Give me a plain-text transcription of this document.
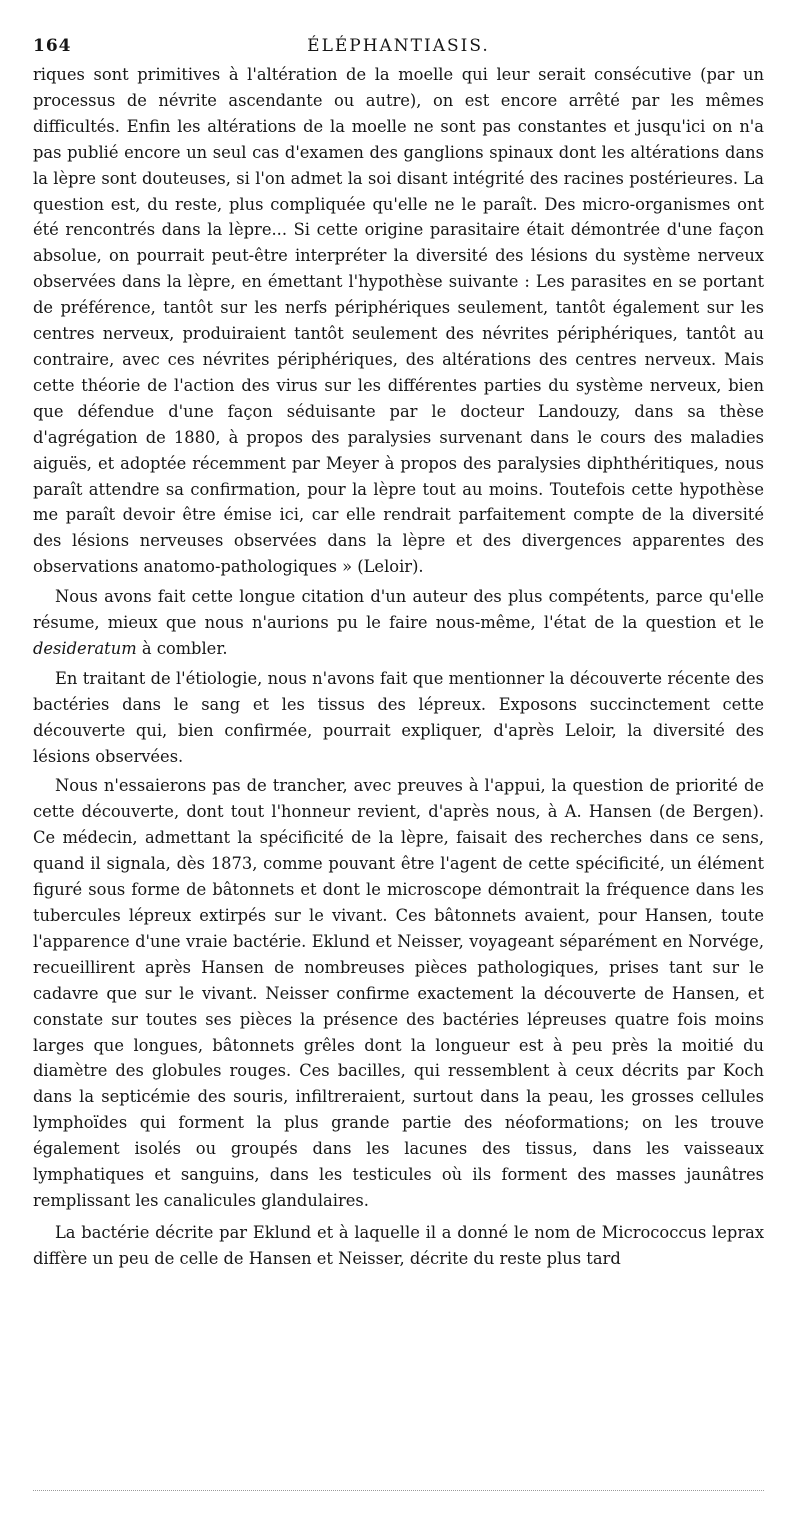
164	ÉLÉPHANTIASIS.

riques sont primitives à l'altération de la moelle qui leur serait consécutive (par un processus de névrite ascendante ou autre), on est encore arrêté par les mêmes difficultés. Enfin les altérations de la moelle ne sont pas constantes et jusqu'ici on n'a pas publié encore un seul cas d'examen des ganglions spinaux dont les altérations dans la lèpre sont douteuses, si l'on admet la soi disant intégrité des racines postérieures. La question est, du reste, plus compliquée qu'elle ne le paraît. Des micro-organismes ont été rencontrés dans la lèpre... Si cette origine parasitaire était démontrée d'une façon absolue, on pourrait peut-être interpréter la diversité des lésions du système nerveux observées dans la lèpre, en émettant l'hypothèse suivante : Les parasites en se portant de préférence, tantôt sur les nerfs périphériques seulement, tantôt également sur les centres nerveux, produiraient tantôt seulement des névrites périphériques, tantôt au contraire, avec ces névrites périphériques, des altérations des centres nerveux. Mais cette théorie de l'action des virus sur les différentes parties du système nerveux, bien que défendue d'une façon séduisante par le docteur Landouzy, dans sa thèse d'agrégation de 1880, à propos des paralysies survenant dans le cours des maladies aiguës, et adoptée récemment par Meyer à propos des paralysies diphthéritiques, nous paraît attendre sa confirmation, pour la lèpre tout au moins. Toutefois cette hypothèse me paraît devoir être émise ici, car elle rendrait parfaitement compte de la diversité des lésions nerveuses observées dans la lèpre et des divergences apparentes des observations anatomo-pathologiques » (Leloir).

Nous avons fait cette longue citation d'un auteur des plus compétents, parce qu'elle résume, mieux que nous n'aurions pu le faire nous-même, l'état de la question et le desideratum à combler.

En traitant de l'étiologie, nous n'avons fait que mentionner la découverte récente des bactéries dans le sang et les tissus des lépreux. Exposons succinctement cette découverte qui, bien confirmée, pourrait expliquer, d'après Leloir, la diversité des lésions observées.

Nous n'essaierons pas de trancher, avec preuves à l'appui, la question de priorité de cette découverte, dont tout l'honneur revient, d'après nous, à A. Hansen (de Bergen). Ce médecin, admettant la spécificité de la lèpre, faisait des recherches dans ce sens, quand il signala, dès 1873, comme pouvant être l'agent de cette spécificité, un élément figuré sous forme de bâtonnets et dont le microscope démontrait la fréquence dans les tubercules lépreux extirpés sur le vivant. Ces bâtonnets avaient, pour Hansen, toute l'apparence d'une vraie bactérie. Eklund et Neisser, voyageant séparément en Norvége, recueillirent après Hansen de nombreuses pièces pathologiques, prises tant sur le cadavre que sur le vivant. Neisser confirme exactement la découverte de Hansen, et constate sur toutes ses pièces la présence des bactéries lépreuses quatre fois moins larges que longues, bâtonnets grêles dont la longueur est à peu près la moitié du diamètre des globules rouges. Ces bacilles, qui ressemblent à ceux décrits par Koch dans la septicémie des souris, infiltreraient, surtout dans la peau, les grosses cellules lymphoïdes qui forment la plus grande partie des néoformations; on les trouve également isolés ou groupés dans les lacunes des tissus, dans les vaisseaux lymphatiques et sanguins, dans les testicules où ils forment des masses jaunâtres remplissant les canalicules glandulaires.

La bactérie décrite par Eklund et à laquelle il a donné le nom de Micrococcus leprax diffère un peu de celle de Hansen et Neisser, décrite du reste plus tard
